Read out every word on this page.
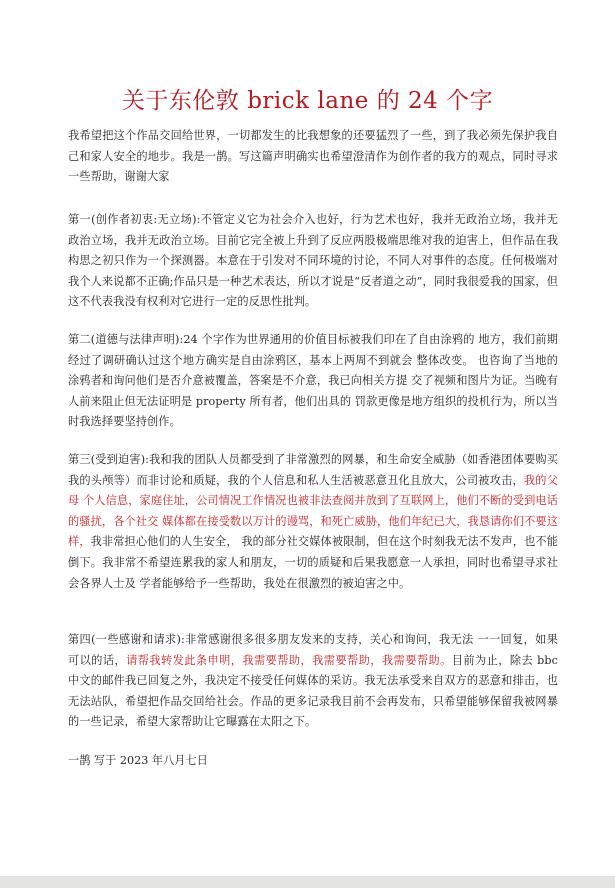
关于东伦敦 brick lane 的 24 个字
我希望把这个作品交回给世界，一切都发生的比我想象的还要猛烈了一些，到了我必须先保护我自己和家人安全的地步。我是一鹊。写这篇声明确实也希望澄清作为创作者的我方的观点，同时寻求一些帮助，谢谢大家
第一(创作者初衷:无立场):不管定义它为社会介入也好，行为艺术也好，我并无政治立场，我并无政治立场，我并无政治立场。目前它完全被上升到了反应两股极端思维对我的迫害上，但作品在我构思之初只作为一个探测器。本意在于引发对不同环境的讨论，不同人对事件的态度。任何极端对我个人来说都不正确;作品只是一种艺术表达，所以才说是“反者道之动”，同时我很爱我的国家，但这不代表我没有权利对它进行一定的反思性批判。
第二(道德与法律声明):24 个字作为世界通用的价值目标被我们印在了自由涂鸦的 地方，我们前期经过了调研确认过这个地方确实是自由涂鸦区，基本上两周不到就会 整体改变。 也咨询了当地的涂鸦者和询问他们是否介意被覆盖，答案是不介意，我已向相关方提 交了视频和图片为证。当晚有人前来阻止但无法证明是 property 所有者，他们出具的 罚款更像是地方组织的投机行为，所以当时我选择要坚持创作。
第三(受到迫害):我和我的团队人员都受到了非常激烈的网暴，和生命安全威胁（如香港团体要购买我的头颅等）而非讨论和质疑，我的个人信息和私人生活被恶意丑化且放大，公司被攻击，我的父母 个人信息，家庭住址，公司情况工作情况也被非法查阅并放到了互联网上，他们不断的受到电话的骚扰，各个社交 媒体都在接受数以万计的谩骂，和死亡威胁，他们年纪已大，我恳请你们不要这样，我非常担心他们的人生安全， 我的部分社交媒体被限制，但在这个时刻我无法不发声，也不能倒下。我非常不希望连累我的家人和朋友，一切的质疑和后果我愿意一人承担，同时也希望寻求社会各界人士及 学者能够给予一些帮助，我处在很激烈的被迫害之中。
第四(一些感谢和请求):非常感谢很多很多朋友发来的支持，关心和询问，我无法 一一回复，如果可以的话，请帮我转发此条申明，我需要帮助，我需要帮助，我需要帮助。目前为止，除去 bbc 中文的邮件我已回复之外，我决定不接受任何媒体的采访。我无法承受来自双方的恶意和排击，也无法站队，希望把作品交回给社会。作品的更多记录我目前不会再发布，只希望能够保留我被网暴的一些记录，希望大家帮助让它曝露在太阳之下。
一鹊 写于 2023 年八月七日
